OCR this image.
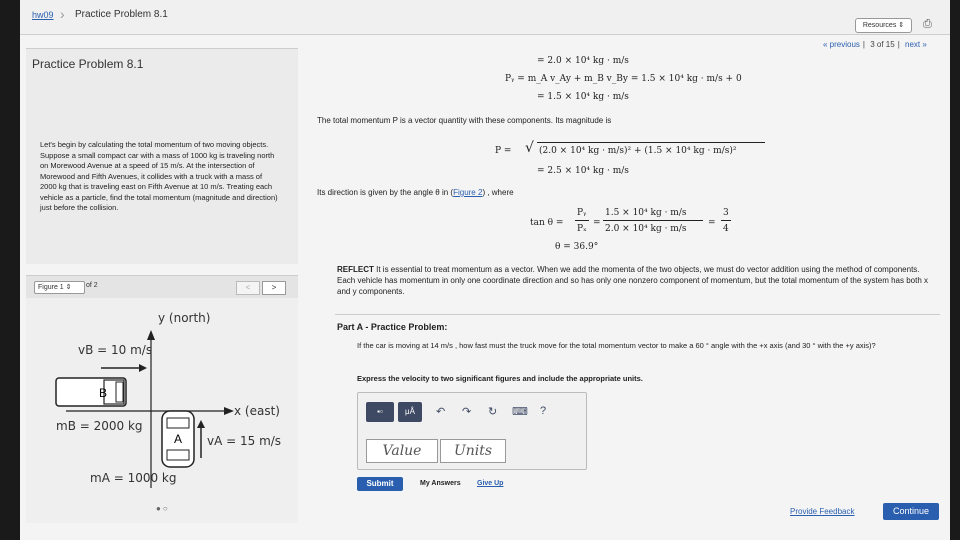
hw09 › Practice Problem 8.1
Resources ⇕	⎙
« previous | 3 of 15 | next »
Practice Problem 8.1
Let's begin by calculating the total momentum of two moving objects. Suppose a small compact car with a mass of 1000 kg is traveling north on Morewood Avenue at a speed of 15 m/s. At the intersection of Morewood and Fifth Avenues, it collides with a truck with a mass of 2000 kg that is traveling east on Fifth Avenue at 10 m/s. Treating each vehicle as a particle, find the total momentum (magnitude and direction) just before the collision.
Figure 1 ⇕	of 2	<	>
B
A
y (north)
x (east)
vB = 10 m/s
mB = 2000 kg
vA = 15 m/s
mA = 1000 kg
●○
= 2.0 × 10⁴ kg · m/s
Pᵧ = m_A v_Ay + m_B v_By = 1.5 × 10⁴ kg · m/s + 0
= 1.5 × 10⁴ kg · m/s
The total momentum P is a vector quantity with these components. Its magnitude is
P = √ (2.0 × 10⁴ kg · m/s)² + (1.5 × 10⁴ kg · m/s)²
= 2.5 × 10⁴ kg · m/s
Its direction is given by the angle θ in (Figure 2) , where
tan θ =
Pᵧ
Pₓ
=
1.5 × 10⁴ kg · m/s
2.0 × 10⁴ kg · m/s
=
3
4
θ = 36.9°
REFLECT It is essential to treat momentum as a vector. When we add the momenta of the two objects, we must do vector addition using the method of components. Each vehicle has momentum in only one coordinate direction and so has only one nonzero component of momentum, but the total momentum of the system has both x and y components.
Part A - Practice Problem:
If the car is moving at 14 m/s , how fast must the truck move for the total momentum vector to make a 60 ° angle with the +x axis (and 30 ° with the +y axis)?
Express the velocity to two significant figures and include the appropriate units.
▪▫	μÅ	↶ ↷ ↻ ⌨ ?
Value	Units
Submit	My Answers Give Up
Provide Feedback	Continue
